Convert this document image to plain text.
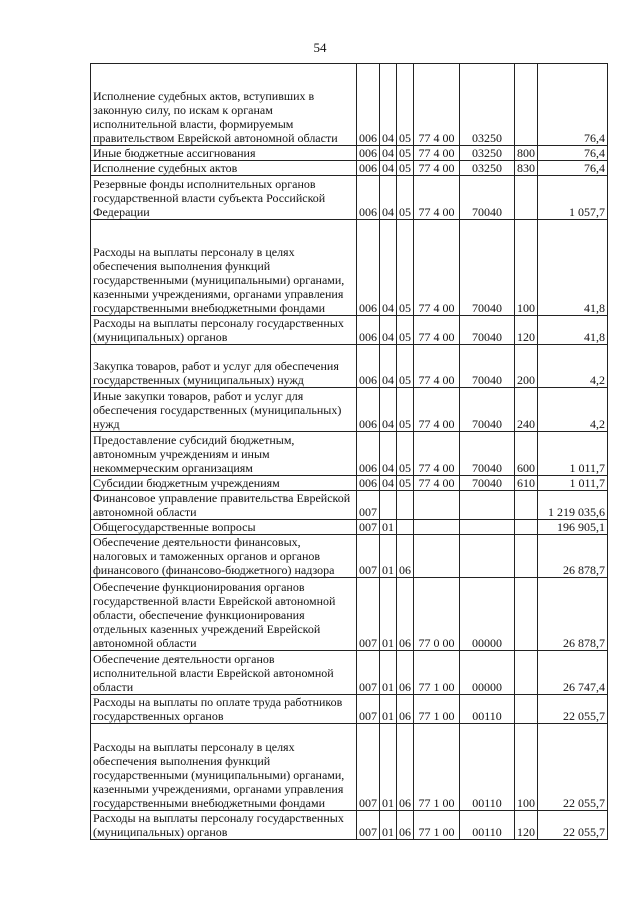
54
Исполнение судебных актов, вступивших в законную силу, по искам к органам исполнительной власти, формируемым правительством Еврейской автономной области	006	04	05	77 4 00	03250		76,4
Иные бюджетные ассигнования	006	04	05	77 4 00	03250	800	76,4
Исполнение судебных актов	006	04	05	77 4 00	03250	830	76,4
Резервные фонды исполнительных органов государственной власти субъекта Российской Федерации	006	04	05	77 4 00	70040		1 057,7
Расходы на выплаты персоналу в целях обеспечения выполнения функций государственными (муниципальными) органами, казенными учреждениями, органами управления государственными внебюджетными фондами	006	04	05	77 4 00	70040	100	41,8
Расходы на выплаты персоналу государственных (муниципальных) органов	006	04	05	77 4 00	70040	120	41,8
Закупка товаров, работ и услуг для обеспечения государственных (муниципальных) нужд	006	04	05	77 4 00	70040	200	4,2
Иные закупки товаров, работ и услуг для обеспечения государственных (муниципальных) нужд	006	04	05	77 4 00	70040	240	4,2
Предоставление субсидий бюджетным, автономным учреждениям и иным некоммерческим организациям	006	04	05	77 4 00	70040	600	1 011,7
Субсидии бюджетным учреждениям	006	04	05	77 4 00	70040	610	1 011,7
Финансовое управление правительства Еврейской автономной области	007						1 219 035,6
Общегосударственные вопросы	007	01					196 905,1
Обеспечение деятельности финансовых, налоговых и таможенных органов и органов финансового (финансово-бюджетного) надзора	007	01	06				26 878,7
Обеспечение функционирования органов государственной власти Еврейской автономной области, обеспечение функционирования отдельных казенных учреждений Еврейской автономной области	007	01	06	77 0 00	00000		26 878,7
Обеспечение деятельности органов исполнительной власти Еврейской автономной области	007	01	06	77 1 00	00000		26 747,4
Расходы на выплаты по оплате труда работников государственных органов	007	01	06	77 1 00	00110		22 055,7
Расходы на выплаты персоналу в целях обеспечения выполнения функций государственными (муниципальными) органами, казенными учреждениями, органами управления государственными внебюджетными фондами	007	01	06	77 1 00	00110	100	22 055,7
Расходы на выплаты персоналу государственных (муниципальных) органов	007	01	06	77 1 00	00110	120	22 055,7
